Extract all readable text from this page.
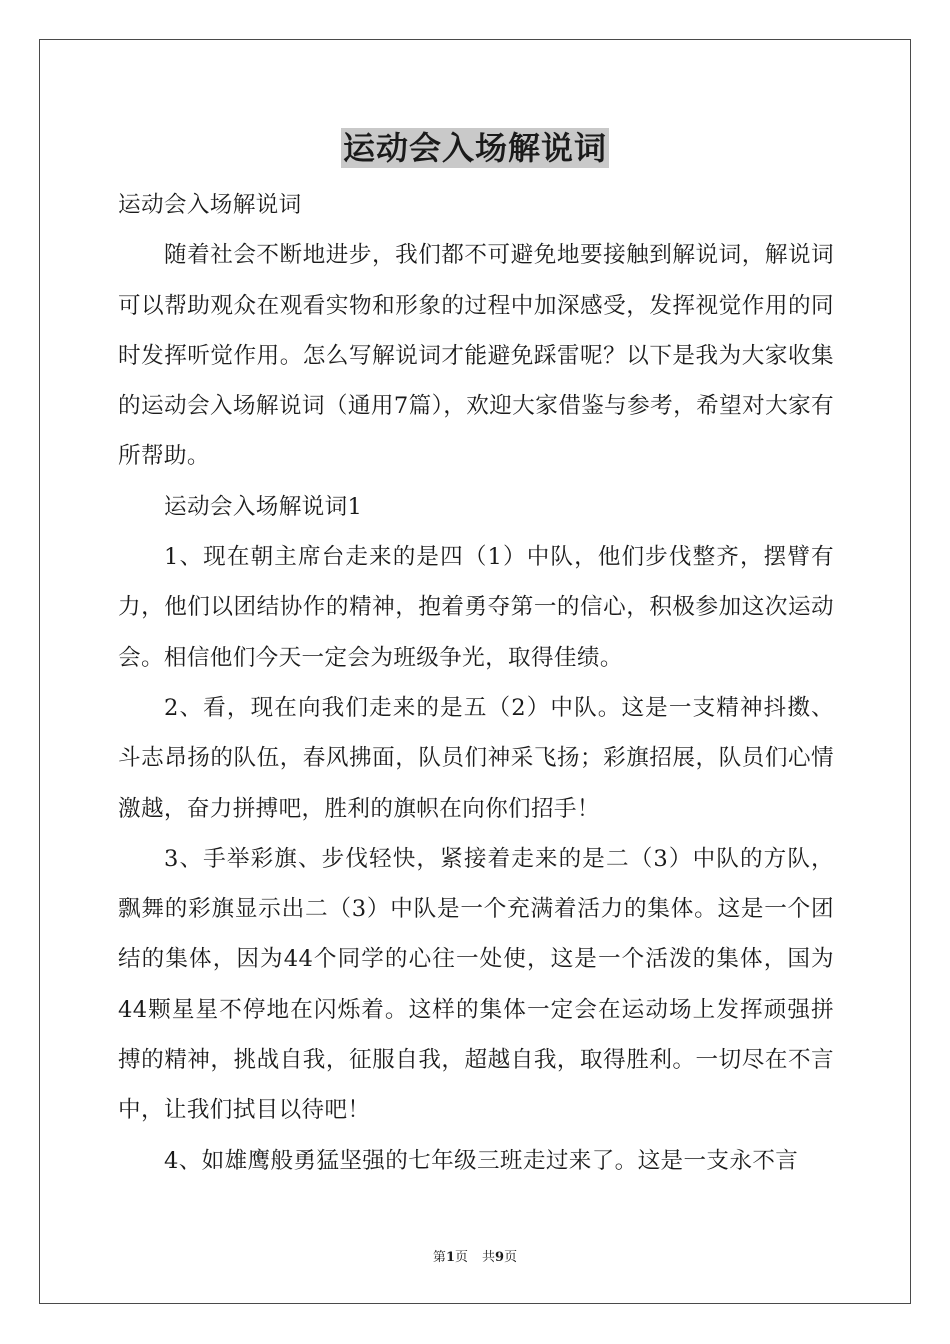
运动会入场解说词

运动会入场解说词

随着社会不断地进步，我们都不可避免地要接触到解说词，解说词可以帮助观众在观看实物和形象的过程中加深感受，发挥视觉作用的同时发挥听觉作用。怎么写解说词才能避免踩雷呢？以下是我为大家收集的运动会入场解说词（通用7篇），欢迎大家借鉴与参考，希望对大家有所帮助。

运动会入场解说词1

1、现在朝主席台走来的是四（1）中队，他们步伐整齐，摆臂有力，他们以团结协作的精神，抱着勇夺第一的信心，积极参加这次运动会。相信他们今天一定会为班级争光，取得佳绩。

2、看，现在向我们走来的是五（2）中队。这是一支精神抖擞、斗志昂扬的队伍，春风拂面，队员们神采飞扬；彩旗招展，队员们心情激越，奋力拼搏吧，胜利的旗帜在向你们招手！

3、手举彩旗、步伐轻快，紧接着走来的是二（3）中队的方队，飘舞的彩旗显示出二（3）中队是一个充满着活力的集体。这是一个团结的集体，因为44个同学的心往一处使，这是一个活泼的集体，国为44颗星星不停地在闪烁着。这样的集体一定会在运动场上发挥顽强拼搏的精神，挑战自我，征服自我，超越自我，取得胜利。一切尽在不言中，让我们拭目以待吧！

4、如雄鹰般勇猛坚强的七年级三班走过来了。这是一支永不言

第1页 共9页
